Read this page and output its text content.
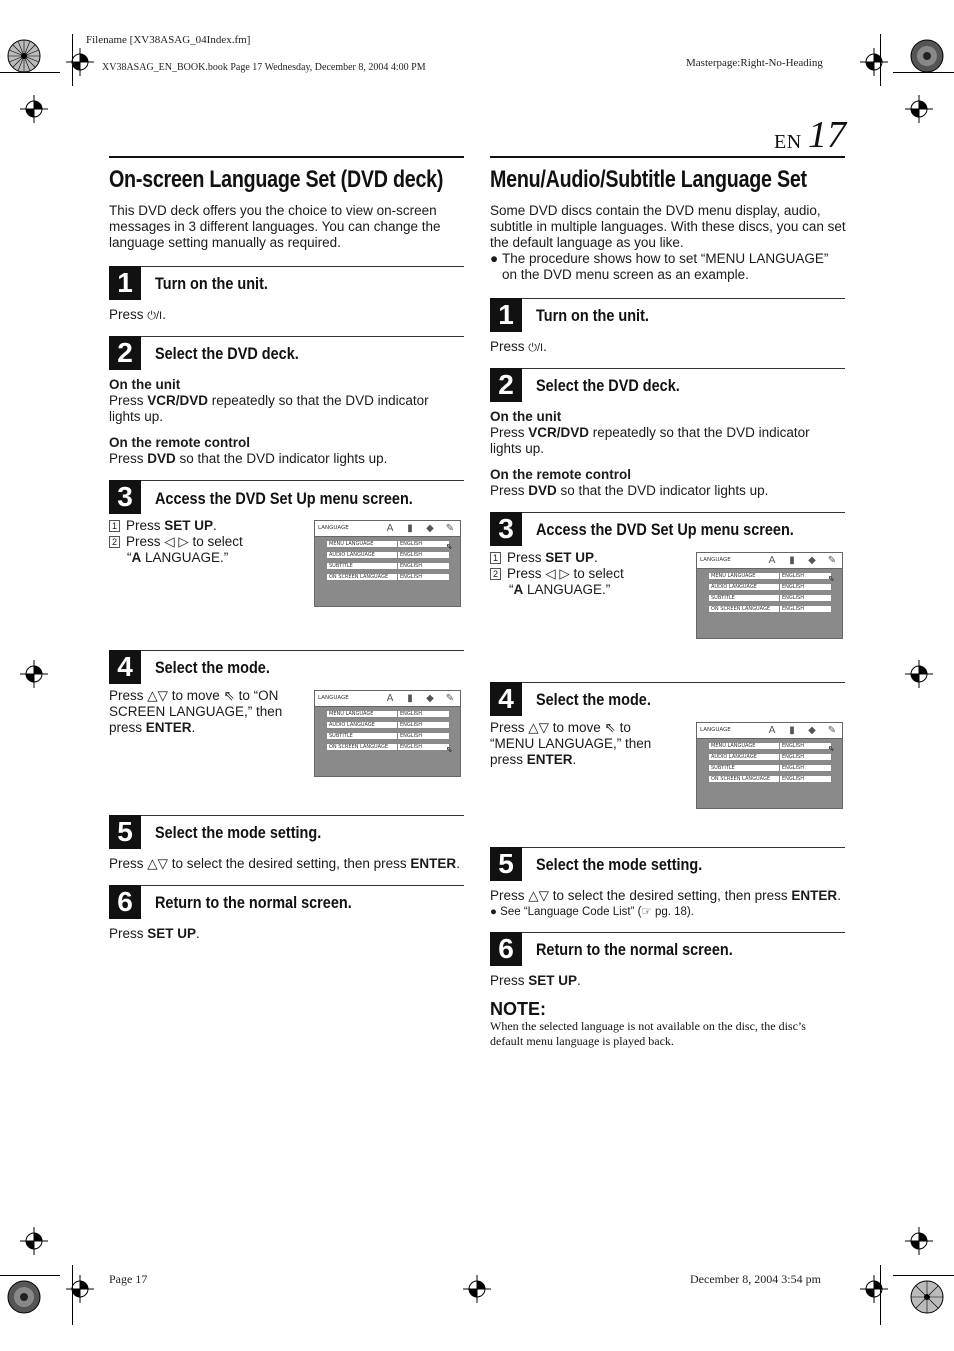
Filename [XV38ASAG_04Index.fm]
XV38ASAG_EN_BOOK.book Page 17 Wednesday, December 8, 2004 4:00 PM	Masterpage:Right-No-Heading
EN 17
On-screen Language Set (DVD deck)
This DVD deck offers you the choice to view on-screen messages in 3 different languages. You can change the language setting manually as required.
1	Turn on the unit.
Press ⏻/I.
2	Select the DVD deck.
On the unit
Press VCR/DVD repeatedly so that the DVD indicator lights up.
On the remote control
Press DVD so that the DVD indicator lights up.
3	Access the DVD Set Up menu screen.
1 Press SET UP.
2 Press ◁ ▷ to select
“A LANGUAGE.”
4	Select the mode.
Press △▽ to move ⇖ to “ON SCREEN LANGUAGE,” then press ENTER.
5	Select the mode setting.
Press △▽ to select the desired setting, then press ENTER.
6	Return to the normal screen.
Press SET UP.
Menu/Audio/Subtitle Language Set
Some DVD discs contain the DVD menu display, audio, subtitle in multiple languages. With these discs, you can set the default language as you like.
● The procedure shows how to set “MENU LANGUAGE” on the DVD menu screen as an example.
1	Turn on the unit.
Press ⏻/I.
2	Select the DVD deck.
On the unit
Press VCR/DVD repeatedly so that the DVD indicator lights up.
On the remote control
Press DVD so that the DVD indicator lights up.
3	Access the DVD Set Up menu screen.
1 Press SET UP.
2 Press ◁ ▷ to select
“A LANGUAGE.”
4	Select the mode.
Press △▽ to move ⇖ to “MENU LANGUAGE,” then press ENTER.
5	Select the mode setting.
Press △▽ to select the desired setting, then press ENTER.
● See “Language Code List” (☞ pg. 18).
6	Return to the normal screen.
Press SET UP.
NOTE:
When the selected language is not available on the disc, the disc’s default menu language is played back.
LANGUAGE	A ▮ ◆ ✎
MENU LANGUAGE	ENGLISH
AUDIO LANGUAGE	ENGLISH
SUBTITLE	ENGLISH
ON SCREEN LANGUAGE	ENGLISH
⇖
LANGUAGE	A ▮ ◆ ✎
MENU LANGUAGE	ENGLISH
AUDIO LANGUAGE	ENGLISH
SUBTITLE	ENGLISH
ON SCREEN LANGUAGE	ENGLISH	⇖
LANGUAGE	A ▮ ◆ ✎
MENU LANGUAGE	ENGLISH
AUDIO LANGUAGE	ENGLISH
SUBTITLE	ENGLISH
ON SCREEN LANGUAGE	ENGLISH
⇖
LANGUAGE	A ▮ ◆ ✎
MENU LANGUAGE	ENGLISH
AUDIO LANGUAGE	ENGLISH
SUBTITLE	ENGLISH
ON SCREEN LANGUAGE	ENGLISH
⇖
Page 17	December 8, 2004 3:54 pm
